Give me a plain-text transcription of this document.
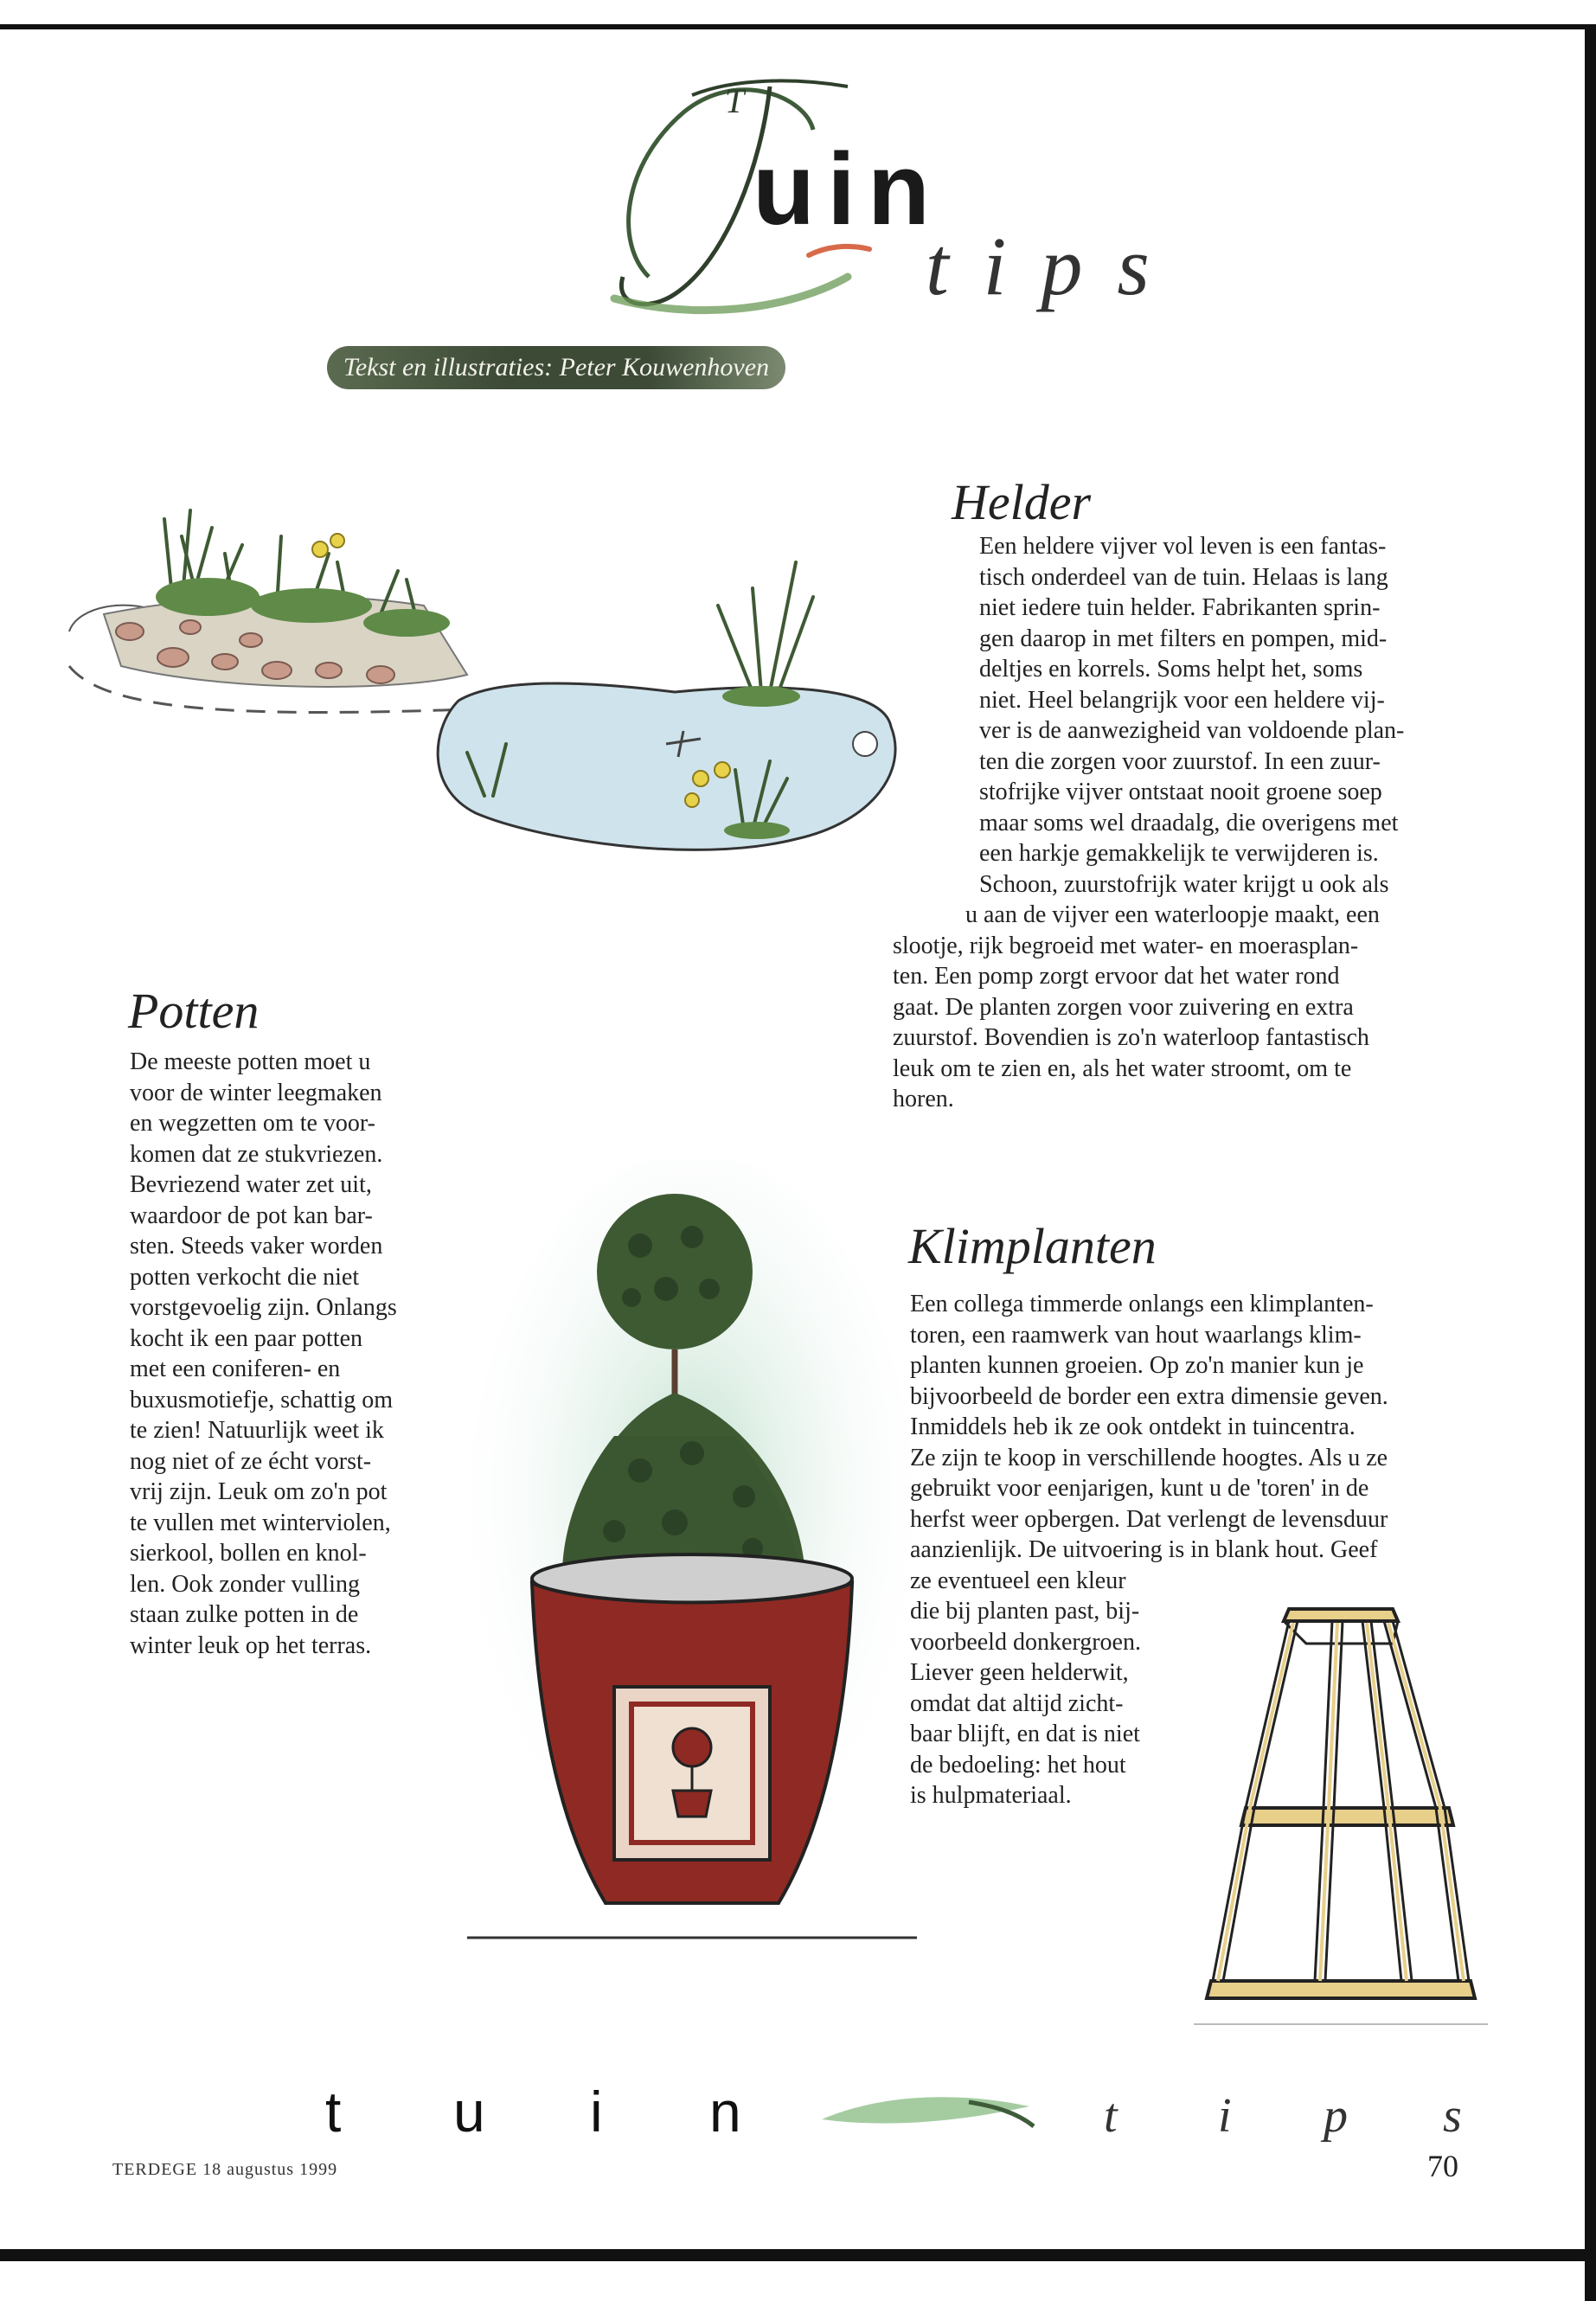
T
uin
tips
Tekst en illustraties: Peter Kouwenhoven
Helder
Een heldere vijver vol leven is een fantas-
tisch onderdeel van de tuin. Helaas is lang
niet iedere tuin helder. Fabrikanten sprin-
gen daarop in met filters en pompen, mid-
deltjes en korrels. Soms helpt het, soms
niet. Heel belangrijk voor een heldere vij-
ver is de aanwezigheid van voldoende plan-
ten die zorgen voor zuurstof. In een zuur-
stofrijke vijver ontstaat nooit groene soep
maar soms wel draadalg, die overigens met
een harkje gemakkelijk te verwijderen is.
Schoon, zuurstofrijk water krijgt u ook als
u aan de vijver een waterloopje maakt, een
slootje, rijk begroeid met water- en moerasplan-
ten. Een pomp zorgt ervoor dat het water rond
gaat. De planten zorgen voor zuivering en extra
zuurstof. Bovendien is zo'n waterloop fantastisch
leuk om te zien en, als het water stroomt, om te
horen.
Potten
De meeste potten moet u
voor de winter leegmaken
en wegzetten om te voor-
komen dat ze stukvriezen.
Bevriezend water zet uit,
waardoor de pot kan bar-
sten. Steeds vaker worden
potten verkocht die niet
vorstgevoelig zijn. Onlangs
kocht ik een paar potten
met een coniferen- en
buxusmotiefje, schattig om
te zien! Natuurlijk weet ik
nog niet of ze écht vorst-
vrij zijn. Leuk om zo'n pot
te vullen met winterviolen,
sierkool, bollen en knol-
len. Ook zonder vulling
staan zulke potten in de
winter leuk op het terras.
Klimplanten
Een collega timmerde onlangs een klimplanten-
toren, een raamwerk van hout waarlangs klim-
planten kunnen groeien. Op zo'n manier kun je
bijvoorbeeld de border een extra dimensie geven.
Inmiddels heb ik ze ook ontdekt in tuincentra.
Ze zijn te koop in verschillende hoogtes. Als u ze
gebruikt voor eenjarigen, kunt u de 'toren' in de
herfst weer opbergen. Dat verlengt de levensduur
aanzienlijk. De uitvoering is in blank hout. Geef
ze eventueel een kleur
die bij planten past, bij-
voorbeeld donkergroen.
Liever geen helderwit,
omdat dat altijd zicht-
baar blijft, en dat is niet
de bedoeling: het hout
is hulpmateriaal.
t u i n	t i p s
TERDEGE 18 augustus 1999	70
